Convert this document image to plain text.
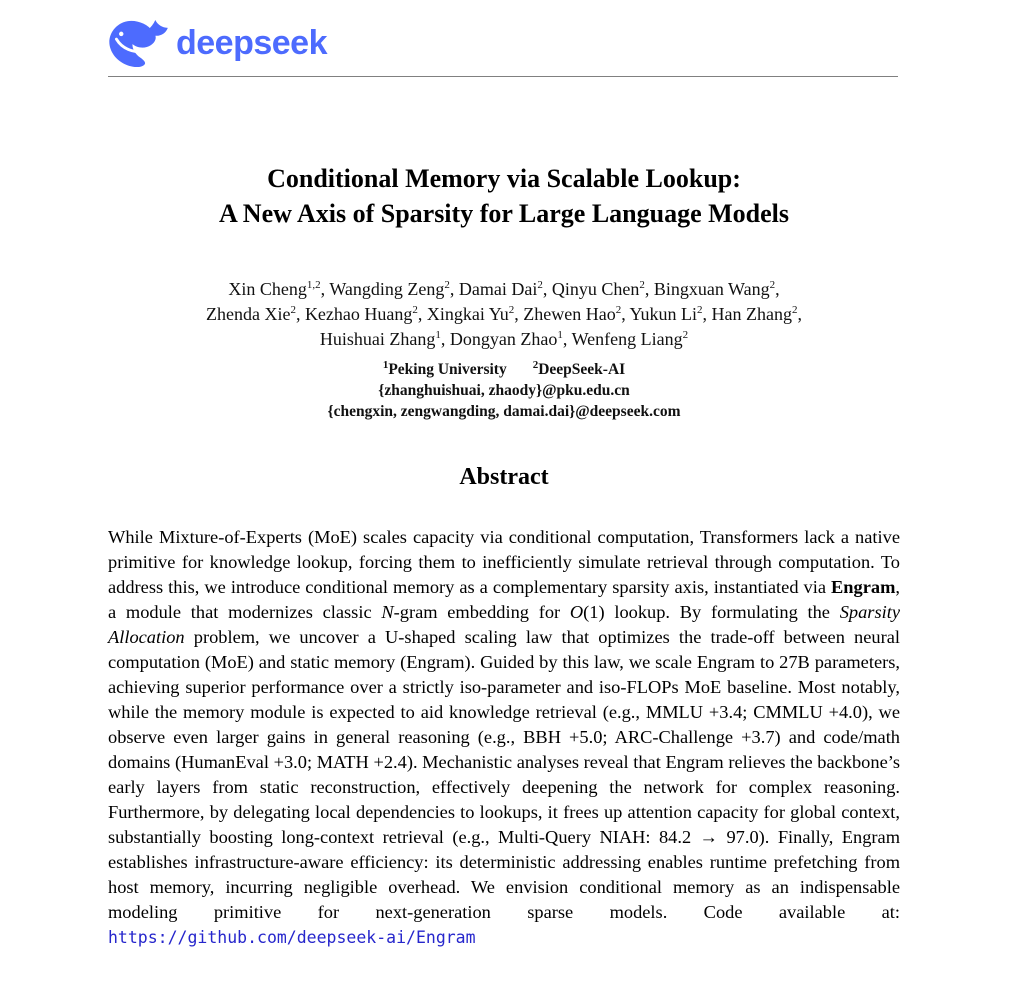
deepseek
Conditional Memory via Scalable Lookup:
A New Axis of Sparsity for Large Language Models
Xin Cheng$^{1,2}$, Wangding Zeng$^2$, Damai Dai$^2$, Qinyu Chen$^2$, Bingxuan Wang$^2$,
Zhenda Xie$^2$, Kezhao Huang$^2$, Xingkai Yu$^2$, Zhewen Hao$^2$, Yukun Li$^2$, Han Zhang$^2$,
Huishuai Zhang$^1$, Dongyan Zhao$^1$, Wenfeng Liang$^2$
$^1$Peking University $^2$DeepSeek-AI
{zhanghuishuai, zhaody}@pku.edu.cn
{chengxin, zengwangding, damai.dai}@deepseek.com
Abstract

While Mixture-of-Experts (MoE) scales capacity via conditional computation, Transformers lack a native primitive for knowledge lookup, forcing them to inefficiently simulate retrieval through computation. To address this, we introduce conditional memory as a complementary sparsity axis, instantiated via Engram, a module that modernizes classic N-gram embedding for O(1) lookup. By formulating the Sparsity Allocation problem, we uncover a U-shaped scaling law that optimizes the trade-off between neural computation (MoE) and static memory (Engram). Guided by this law, we scale Engram to 27B parameters, achieving superior performance over a strictly iso-parameter and iso-FLOPs MoE baseline. Most notably, while the memory module is expected to aid knowledge retrieval (e.g., MMLU +3.4; CMMLU +4.0), we observe even larger gains in general reasoning (e.g., BBH +5.0; ARC-Challenge +3.7) and code/math domains (HumanEval +3.0; MATH +2.4). Mechanistic analyses reveal that Engram relieves the backbone’s early layers from static reconstruction, effectively deepening the network for complex reasoning. Furthermore, by delegating local dependencies to lookups, it frees up attention capacity for global context, substantially boosting long-context retrieval (e.g., Multi-Query NIAH: 84.2 → 97.0). Finally, Engram establishes infrastructure-aware efficiency: its deterministic addressing enables runtime prefetching from host memory, incurring negligible overhead. We envision conditional memory as an indispensable modeling primitive for next-generation sparse models. Code available at: https://github.com/deepseek-ai/Engram
